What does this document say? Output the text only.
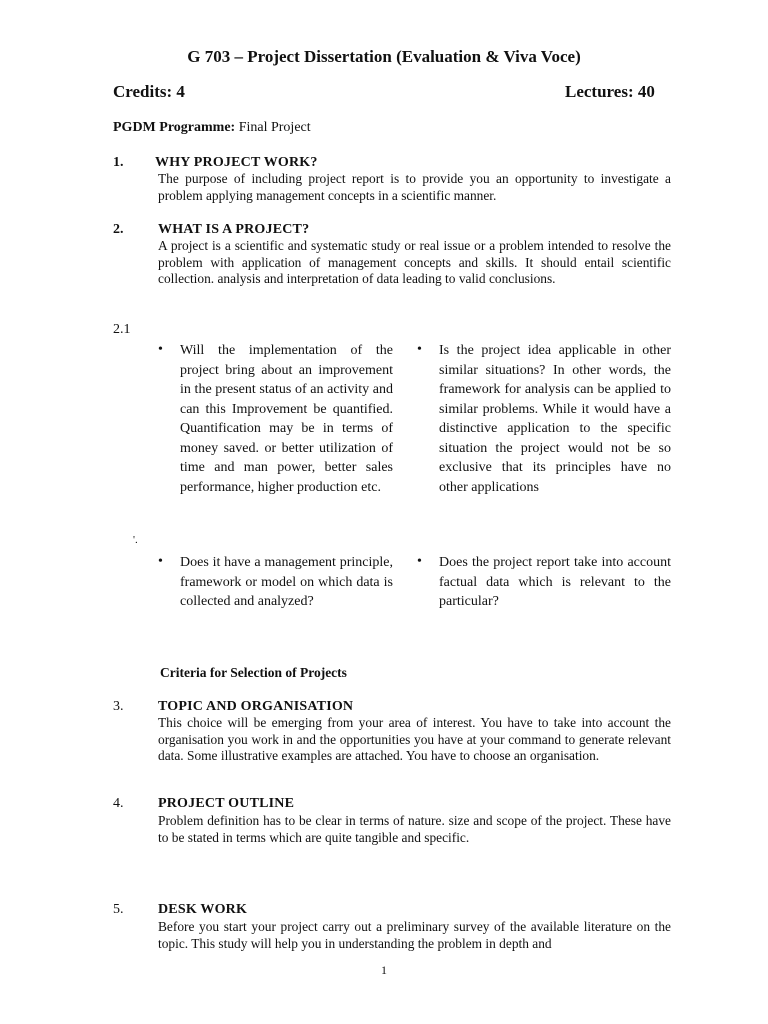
G 703 – Project Dissertation (Evaluation & Viva Voce)
Credits: 4	Lectures: 40
PGDM Programme: Final Project
1. WHY PROJECT WORK?
The purpose of including project report is to provide you an opportunity to investigate a problem applying management concepts in a scientific manner.
2. WHAT IS A PROJECT?
A project is a scientific and systematic study or real issue or a problem intended to resolve the problem with application of management concepts and skills. It should entail scientific collection. analysis and interpretation of data leading to valid conclusions.
2.1
• Will the implementation of the project bring about an improvement in the present status of an activity and can this Improvement be quantified. Quantification may be in terms of money saved. or better utilization of time and man power, better sales performance, higher production etc.
• Is the project idea applicable in other similar situations? In other words, the framework for analysis can be applied to similar problems. While it would have a distinctive application to the specific situation the project would not be so exclusive that its principles have no other applications
'.
• Does it have a management principle, framework or model on which data is collected and analyzed?
• Does the project report take into account factual data which is relevant to the particular?
Criteria for Selection of Projects
3. TOPIC AND ORGANISATION
This choice will be emerging from your area of interest. You have to take into account the organisation you work in and the opportunities you have at your command to generate relevant data. Some illustrative examples are attached. You have to choose an organisation.
4. PROJECT OUTLINE
Problem definition has to be clear in terms of nature. size and scope of the project. These have to be stated in terms which are quite tangible and specific.
5. DESK WORK
Before you start your project carry out a preliminary survey of the available literature on the topic. This study will help you in understanding the problem in depth and
1
